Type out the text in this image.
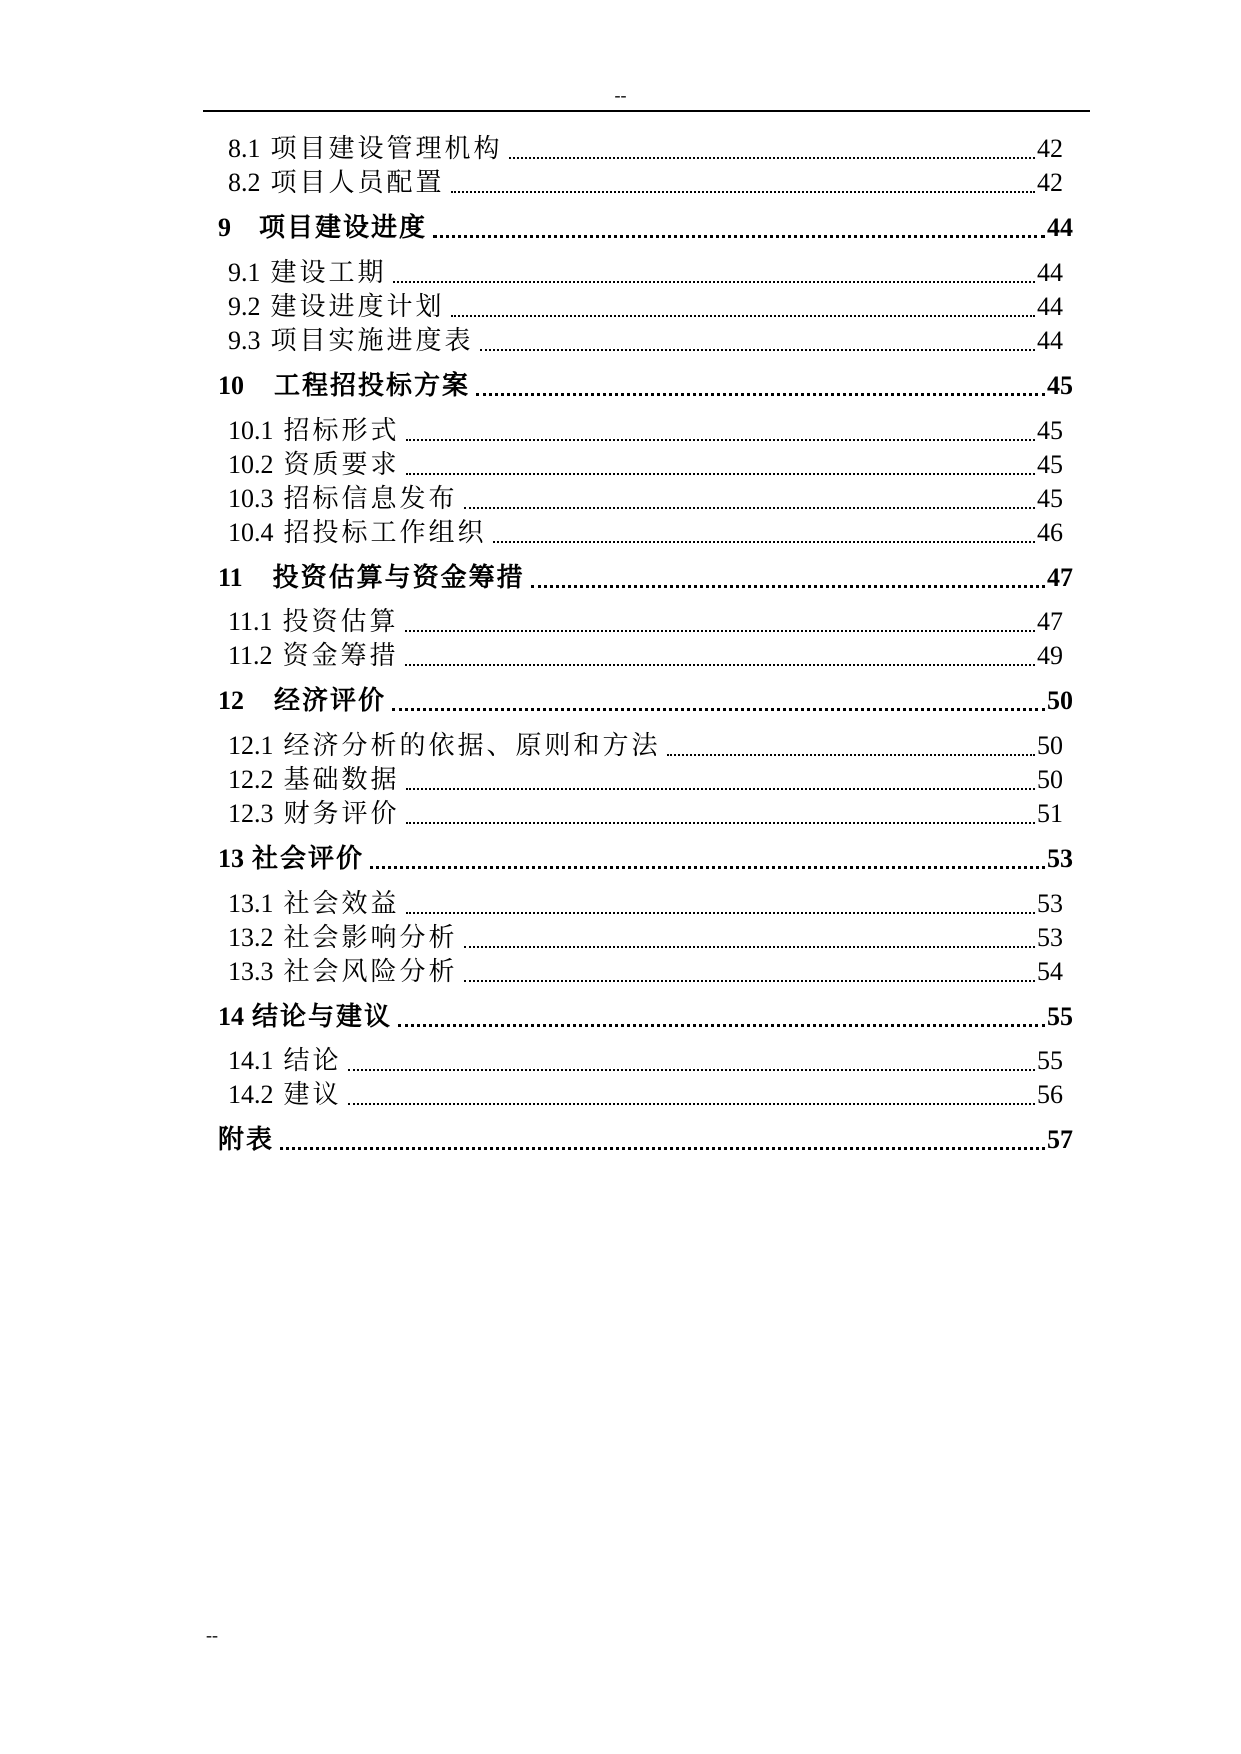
--
8.1 项目建设管理机构	42
8.2 项目人员配置	42
9 项目建设进度	44
9.1 建设工期	44
9.2 建设进度计划	44
9.3 项目实施进度表	44
10 工程招投标方案	45
10.1 招标形式	45
10.2 资质要求	45
10.3 招标信息发布	45
10.4 招投标工作组织	46
11 投资估算与资金筹措	47
11.1 投资估算	47
11.2 资金筹措	49
12 经济评价	50
12.1 经济分析的依据、原则和方法	50
12.2 基础数据	50
12.3 财务评价	51
13 社会评价	53
13.1 社会效益	53
13.2 社会影响分析	53
13.3 社会风险分析	54
14 结论与建议	55
14.1 结论	55
14.2 建议	56
附表	57
--
